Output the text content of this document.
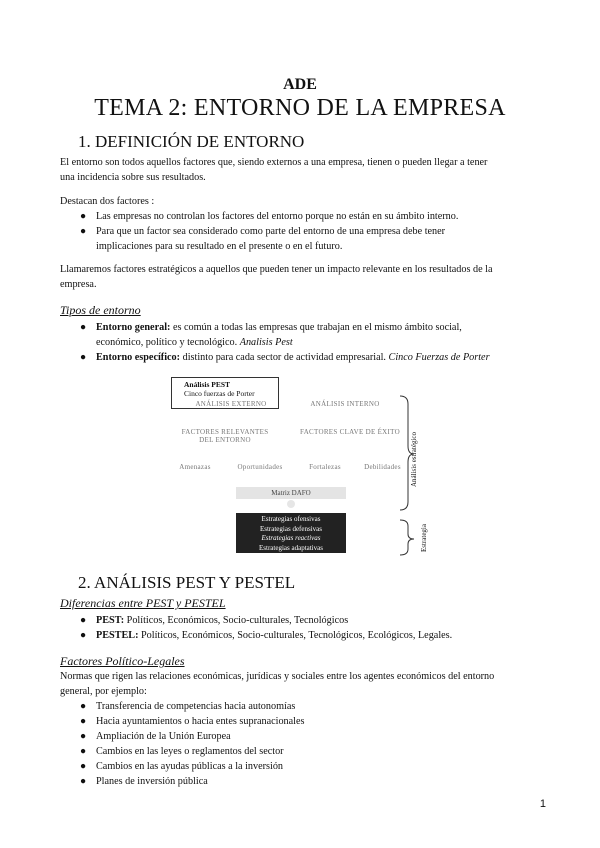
ADE
TEMA 2: ENTORNO DE LA EMPRESA
1. DEFINICIÓN DE ENTORNO
El entorno son todos aquellos factores que, siendo externos a una empresa, tienen o pueden llegar a tener
una incidencia sobre sus resultados.
Destacan dos factores :
● Las empresas no controlan los factores del entorno porque no están en su ámbito interno.
● Para que un factor sea considerado como parte del entorno de una empresa debe tener
implicaciones para su resultado en el presente o en el futuro.
Llamaremos factores estratégicos a aquellos que pueden tener un impacto relevante en los resultados de la
empresa.
Tipos de entorno
● Entorno general: es común a todas las empresas que trabajan en el mismo ámbito social,
económico, político y tecnológico. Analisis Pest
● Entorno específico: distinto para cada sector de actividad empresarial. Cinco Fuerzas de Porter
Análisis PEST
Cinco fuerzas de Porter
ANÁLISIS EXTERNO	ANÁLISIS INTERNO
FACTORES RELEVANTES
DEL ENTORNO
FACTORES CLAVE DE ÉXITO
Amenazas	Oportunidades	Fortalezas	Debilidades
Matriz DAFO
Estrategias ofensivas
Estrategias defensivas
Estrategias reactivas
Estrategias adaptativas
Análisis estratégico
Estrategia
2. ANÁLISIS PEST Y PESTEL
Diferencias entre PEST y PESTEL
● PEST: Políticos, Económicos, Socio-culturales, Tecnológicos
● PESTEL: Políticos, Económicos, Socio-culturales, Tecnológicos, Ecológicos, Legales.
Factores Político-Legales
Normas que rigen las relaciones económicas, jurídicas y sociales entre los agentes económicos del entorno
general, por ejemplo:
● Transferencia de competencias hacia autonomías
● Hacia ayuntamientos o hacia entes supranacionales
● Ampliación de la Unión Europea
● Cambios en las leyes o reglamentos del sector
● Cambios en las ayudas públicas a la inversión
● Planes de inversión pública
1
